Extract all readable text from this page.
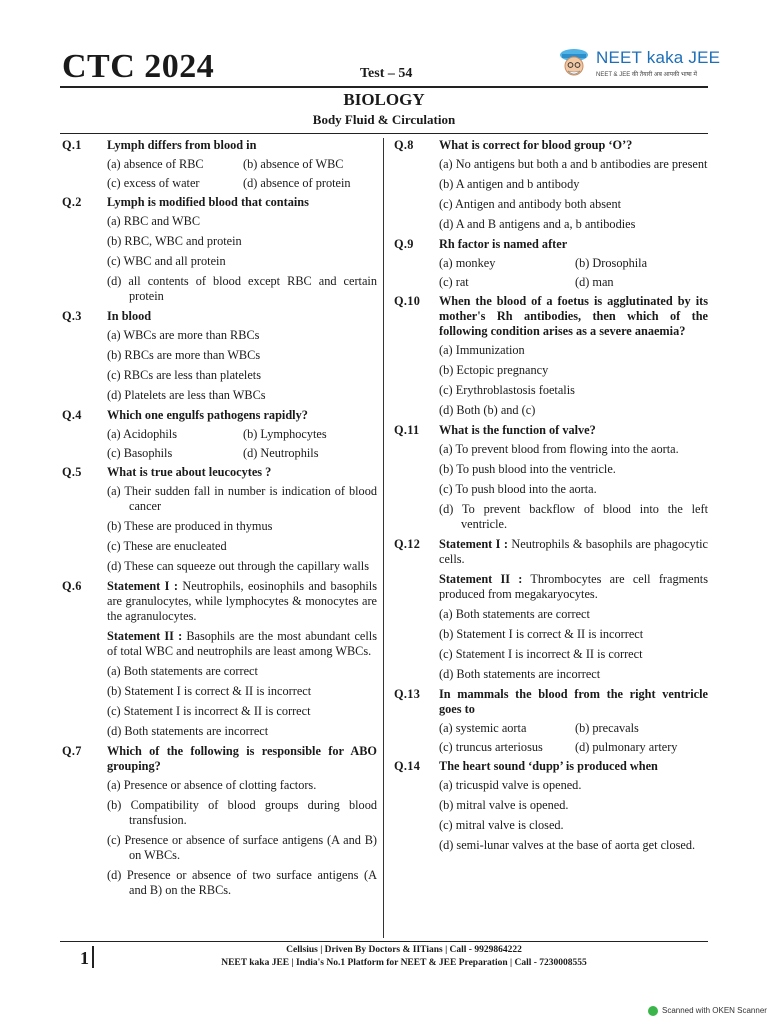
CTC 2024	Test – 54
NEET kaka JEE
NEET & JEE की तैयारी अब आपकी भाषा में
BIOLOGY
Body Fluid & Circulation
Q.1 Lymph differs from blood in
(a) absence of RBC	(b) absence of WBC
(c) excess of water	(d) absence of protein
Q.2 Lymph is modified blood that contains
(a) RBC and WBC
(b) RBC, WBC and protein
(c) WBC and all protein
(d) all contents of blood except RBC and certain protein
Q.3 In blood
(a) WBCs are more than RBCs
(b) RBCs are more than WBCs
(c) RBCs are less than platelets
(d) Platelets are less than WBCs
Q.4 Which one engulfs pathogens rapidly?
(a) Acidophils	(b) Lymphocytes
(c) Basophils	(d) Neutrophils
Q.5 What is true about leucocytes ?
(a) Their sudden fall in number is indication of blood cancer
(b) These are produced in thymus
(c) These are enucleated
(d) These can squeeze out through the capillary walls
Q.6 Statement I : Neutrophils, eosinophils and basophils are granulocytes, while lymphocytes & monocytes are the agranulocytes.
Statement II : Basophils are the most abundant cells of total WBC and neutrophils are least among WBCs.
(a) Both statements are correct
(b) Statement I is correct & II is incorrect
(c) Statement I is incorrect & II is correct
(d) Both statements are incorrect
Q.7 Which of the following is responsible for ABO grouping?
(a) Presence or absence of clotting factors.
(b) Compatibility of blood groups during blood transfusion.
(c) Presence or absence of surface antigens (A and B) on WBCs.
(d) Presence or absence of two surface antigens (A and B) on the RBCs.
Q.8 What is correct for blood group ‘O’?
(a) No antigens but both a and b antibodies are present
(b) A antigen and b antibody
(c) Antigen and antibody both absent
(d) A and B antigens and a, b antibodies
Q.9 Rh factor is named after
(a) monkey	(b) Drosophila
(c) rat	(d) man
Q.10 When the blood of a foetus is agglutinated by its mother's Rh antibodies, then which of the following condition arises as a severe anaemia?
(a) Immunization
(b) Ectopic pregnancy
(c) Erythroblastosis foetalis
(d) Both (b) and (c)
Q.11 What is the function of valve?
(a) To prevent blood from flowing into the aorta.
(b) To push blood into the ventricle.
(c) To push blood into the aorta.
(d) To prevent backflow of blood into the left ventricle.
Q.12 Statement I : Neutrophils & basophils are phagocytic cells.
Statement II : Thrombocytes are cell fragments produced from megakaryocytes.
(a) Both statements are correct
(b) Statement I is correct & II is incorrect
(c) Statement I is incorrect & II is correct
(d) Both statements are incorrect
Q.13 In mammals the blood from the right ventricle goes to
(a) systemic aorta	(b) precavals
(c) truncus arteriosus	(d) pulmonary artery
Q.14 The heart sound ‘dupp’ is produced when
(a) tricuspid valve is opened.
(b) mitral valve is opened.
(c) mitral valve is closed.
(d) semi-lunar valves at the base of aorta get closed.
1	Cellsius | Driven By Doctors & IITians | Call - 9929864222
NEET kaka JEE | India's No.1 Platform for NEET & JEE Preparation | Call - 7230008555
Scanned with OKEN Scanner
